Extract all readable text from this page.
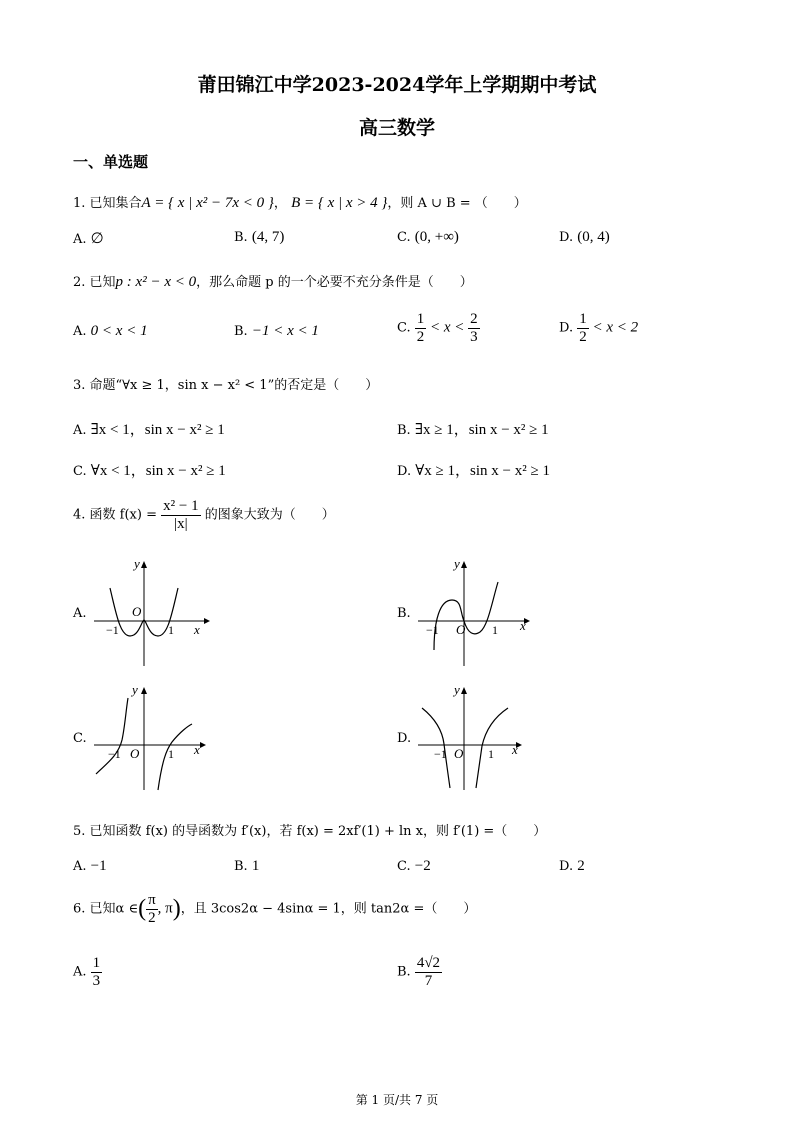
莆田锦江中学2023-2024学年上学期期中考试
高三数学
一、单选题
1. 已知集合A = { x | x² − 7x < 0 }， B = { x | x > 4 }，则 A ∪ B = （　　）
A. ∅	B. (4, 7)	C. (0, +∞)	D. (0, 4)
2. 已知p : x² − x < 0，那么命题 p 的一个必要不充分条件是（　　）
A. 0 < x < 1	B. −1 < x < 1	C. $\frac{1}{2} < x < \frac{2}{3}$	D. $\frac{1}{2} < x < 2$
3. 命题“∀x ≥ 1，sin x − x² < 1”的否定是（　　）
A. ∃x < 1，sin x − x² ≥ 1	B. ∃x ≥ 1，sin x − x² ≥ 1
C. ∀x < 1，sin x − x² ≥ 1	D. ∀x ≥ 1，sin x − x² ≥ 1
4. 函数 $f(x) = \frac{\text{x² − 1}}{|x|}$ 的图象大致为（　　）
A.	B.
C.	D.
y
x
O
−1	1
y
x
O
−1	1
y
x
O
−1	1
y
x
O
−1	1
5. 已知函数 f(x) 的导函数为 f′(x)，若 f(x) = 2xf′(1) + ln x，则 f′(1) =（　　）
A. −1	B. 1	C. −2	D. 2
6. 已知α ∈( $\frac{\pi}{2}$ , π)，且 3cos2α − 4sinα = 1，则 tan2α =（　　）
A. $\frac{1}{3}$	B. $\frac{4√2}{7}$
第 1 页/共 7 页
